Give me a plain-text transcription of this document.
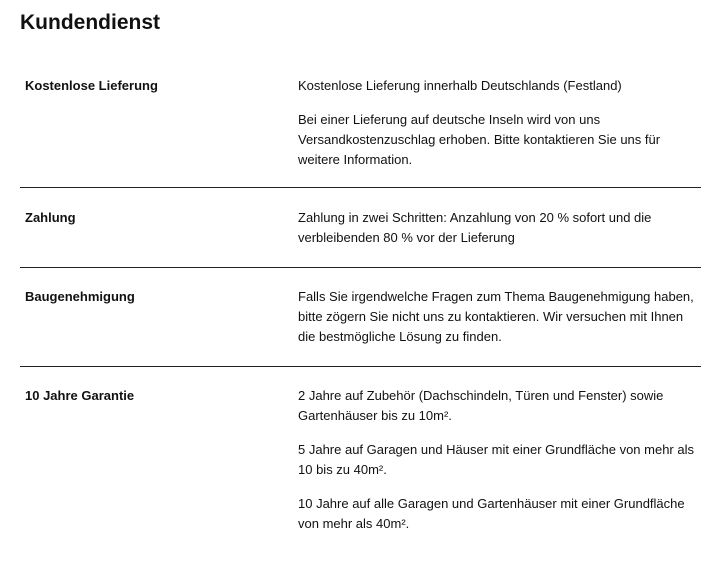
Kundendienst
Kostenlose Lieferung	Kostenlose Lieferung innerhalb Deutschlands (Festland)

Bei einer Lieferung auf deutsche Inseln wird von uns Versandkostenzuschlag erhoben. Bitte kontaktieren Sie uns für weitere Information.

Zahlung	Zahlung in zwei Schritten: Anzahlung von 20 % sofort und die verbleibenden 80 % vor der Lieferung

Baugenehmigung	Falls Sie irgendwelche Fragen zum Thema Baugenehmigung haben, bitte zögern Sie nicht uns zu kontaktieren. Wir versuchen mit Ihnen die bestmögliche Lösung zu finden.

10 Jahre Garantie	2 Jahre auf Zubehör (Dachschindeln, Türen und Fenster) sowie Gartenhäuser bis zu 10m².

5 Jahre auf Garagen und Häuser mit einer Grundfläche von mehr als 10 bis zu 40m².

10 Jahre auf alle Garagen und Gartenhäuser mit einer Grundfläche von mehr als 40m².
